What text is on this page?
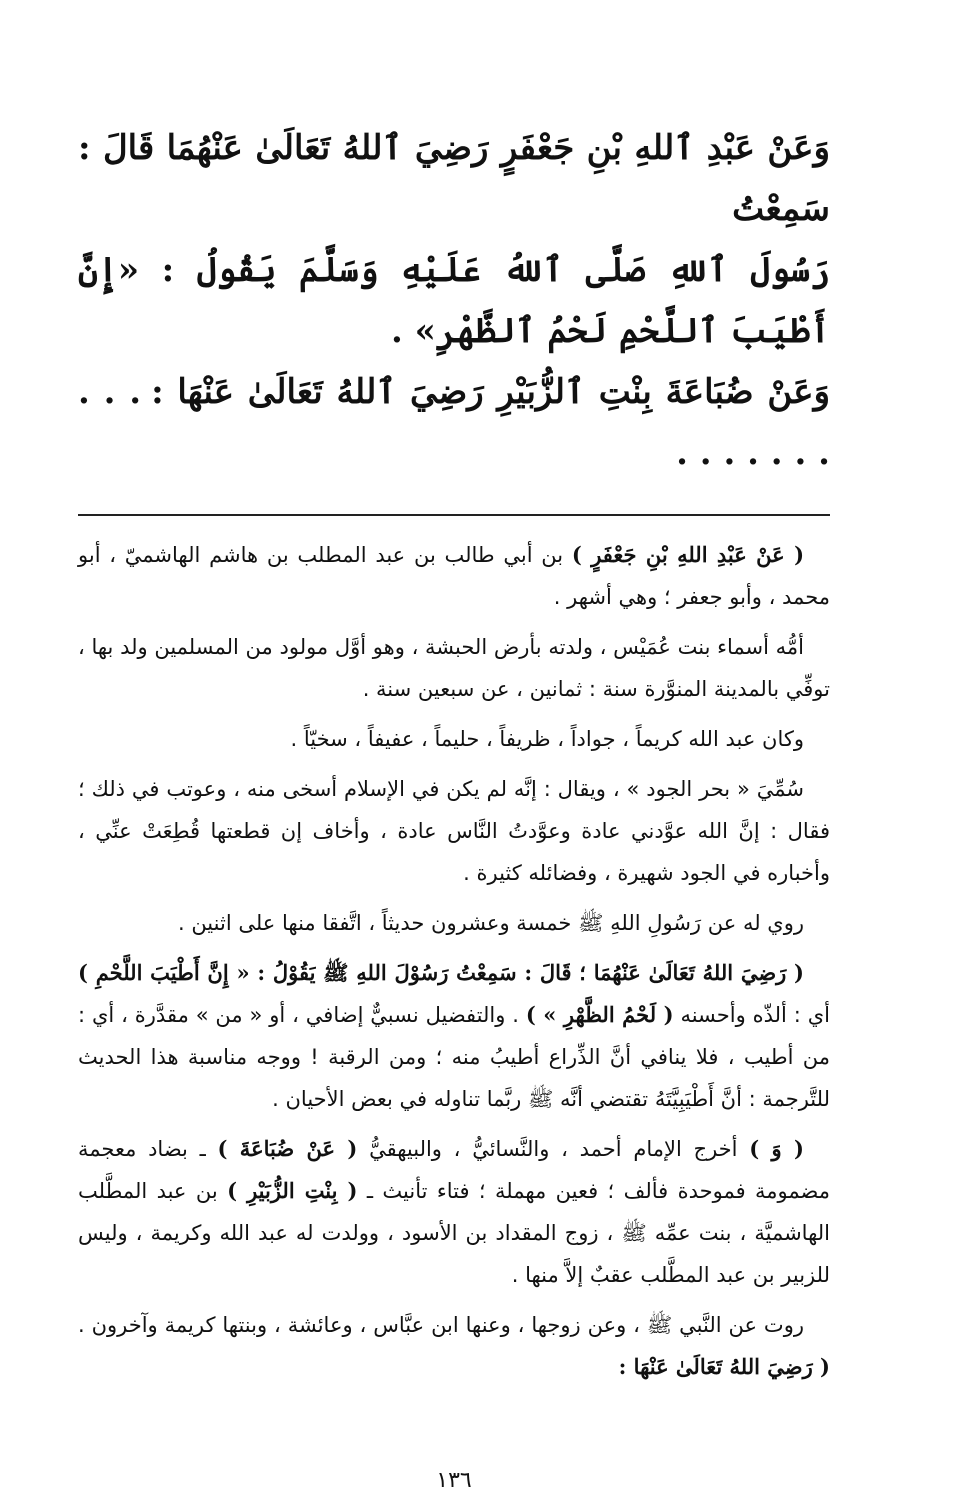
وَعَنْ عَبْدِ ٱللهِ بْنِ جَعْفَرٍ رَضِيَ ٱللهُ تَعَالَىٰ عَنْهُمَا قَالَ : سَمِعْتُ

رَسُولَ ٱللهِ صَلَّى ٱللهُ عَلَيْهِ وَسَلَّمَ يَقُولُ : «إِنَّ أَطْيَبَ ٱللَّحْمِ لَحْمُ ٱلظَّهْرِ» .

وَعَنْ ضُبَاعَةَ بِنْتِ ٱلزُّبَيْرِ رَضِيَ ٱللهُ تَعَالَىٰ عَنْهَا :. . . . . . . . . .

( عَنْ عَبْدِ اللهِ بْنِ جَعْفَرٍ ) بن أبي طالب بن عبد المطلب بن هاشم الهاشميّ ، أبو محمد ، وأبو جعفر ؛ وهي أشهر .

أمُّه أسماء بنت عُمَيْس ، ولدته بأرض الحبشة ، وهو أوَّل مولود من المسلمين ولد بها ، توفِّي بالمدينة المنوَّرة سنة : ثمانين ، عن سبعين سنة .

وكان عبد الله كريماً ، جواداً ، ظريفاً ، حليماً ، عفيفاً ، سخيّاً .

سُمِّيَ « بحر الجود » ، ويقال : إنَّه لم يكن في الإسلام أسخى منه ، وعوتب في ذلك ؛ فقال : إنَّ الله عوَّدني عادة وعوَّدتُ النَّاس عادة ، وأخاف إن قطعتها قُطِعَتْ عنِّي ، وأخباره في الجود شهيرة ، وفضائله كثيرة .

روي له عن رَسُولِ اللهِ ﷺ خمسة وعشرون حديثاً ، اتَّفقا منها على اثنين .

( رَضِيَ اللهُ تَعَالَىٰ عَنْهُمَا ؛ قَالَ : سَمِعْتُ رَسُوْلَ اللهِ ﷺ يَقُوْلُ : « إِنَّ أَطْيَبَ اللَّحْمِ ) أي : ألذّه وأحسنه ( لَحْمُ الظَّهْرِ » ) . والتفضيل نسبيٌّ إضافي ، أو « من » مقدَّرة ، أي : من أطيب ، فلا ينافي أنَّ الذِّراع أطيبُ منه ؛ ومن الرقبة ! ووجه مناسبة هذا الحديث للتَّرجمة : أنَّ أَطْيَبِيَّتَهُ تقتضي أنَّه ﷺ ربَّما تناوله في بعض الأحيان .

( وَ ) أخرج الإمام أحمد ، والنَّسائيُّ ، والبيهقيُّ ( عَنْ ضُبَاعَةَ ) ـ بضاد معجمة مضمومة فموحدة فألف ؛ فعين مهملة ؛ فتاء تأنيث ـ ( بِنْتِ الزُّبَيْرِ ) بن عبد المطَّلب الهاشميَّة ، بنت عمِّه ﷺ ، زوج المقداد بن الأسود ، وولدت له عبد الله وكريمة ، وليس للزبير بن عبد المطَّلب عقبٌ إلاَّ منها .

روت عن النَّبي ﷺ ، وعن زوجها ، وعنها ابن عبَّاس ، وعائشة ، وبنتها كريمة وآخرون . ( رَضِيَ اللهُ تَعَالَىٰ عَنْهَا :

١٣٦
